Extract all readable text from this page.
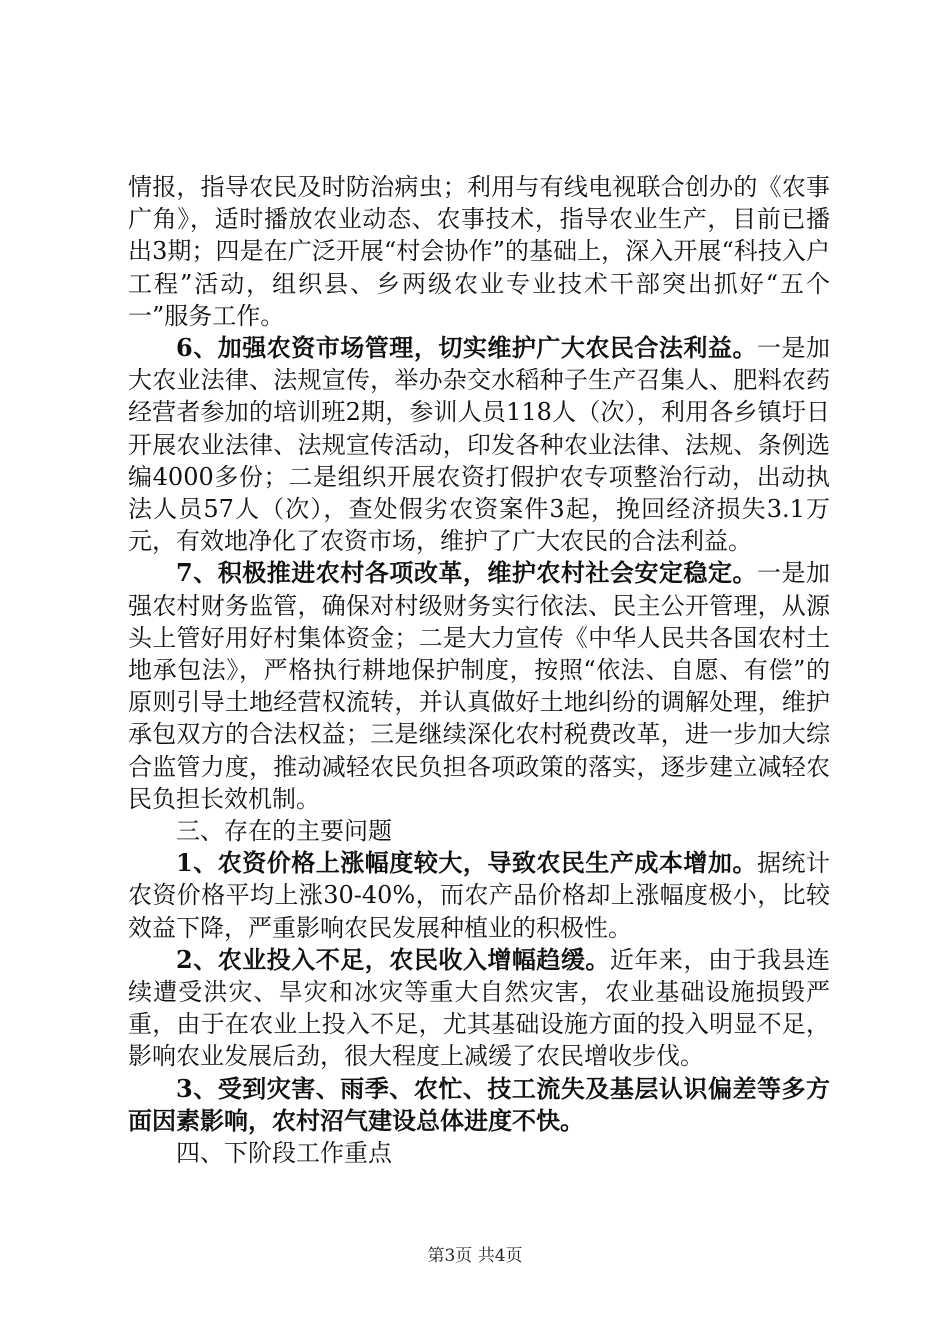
情报，指导农民及时防治病虫；利用与有线电视联合创办的《农事广角》，适时播放农业动态、农事技术，指导农业生产，目前已播出3期；四是在广泛开展“村会协作”的基础上，深入开展“科技入户工程”活动，组织县、乡两级农业专业技术干部突出抓好“五个一”服务工作。

6、加强农资市场管理，切实维护广大农民合法利益。一是加大农业法律、法规宣传，举办杂交水稻种子生产召集人、肥料农药经营者参加的培训班2期，参训人员118人（次），利用各乡镇圩日开展农业法律、法规宣传活动，印发各种农业法律、法规、条例选编4000多份；二是组织开展农资打假护农专项整治行动，出动执法人员57人（次），查处假劣农资案件3起，挽回经济损失3.1万元，有效地净化了农资市场，维护了广大农民的合法利益。

7、积极推进农村各项改革，维护农村社会安定稳定。一是加强农村财务监管，确保对村级财务实行依法、民主公开管理，从源头上管好用好村集体资金；二是大力宣传《中华人民共各国农村土地承包法》，严格执行耕地保护制度，按照“依法、自愿、有偿”的原则引导土地经营权流转，并认真做好土地纠纷的调解处理，维护承包双方的合法权益；三是继续深化农村税费改革，进一步加大综合监管力度，推动减轻农民负担各项政策的落实，逐步建立减轻农民负担长效机制。

三、存在的主要问题

1、农资价格上涨幅度较大，导致农民生产成本增加。据统计农资价格平均上涨30-40%，而农产品价格却上涨幅度极小，比较效益下降，严重影响农民发展种植业的积极性。

2、农业投入不足，农民收入增幅趋缓。近年来，由于我县连续遭受洪灾、旱灾和冰灾等重大自然灾害，农业基础设施损毁严重，由于在农业上投入不足，尤其基础设施方面的投入明显不足，影响农业发展后劲，很大程度上减缓了农民增收步伐。

3、受到灾害、雨季、农忙、技工流失及基层认识偏差等多方面因素影响，农村沼气建设总体进度不快。

四、下阶段工作重点

第3页 共4页
